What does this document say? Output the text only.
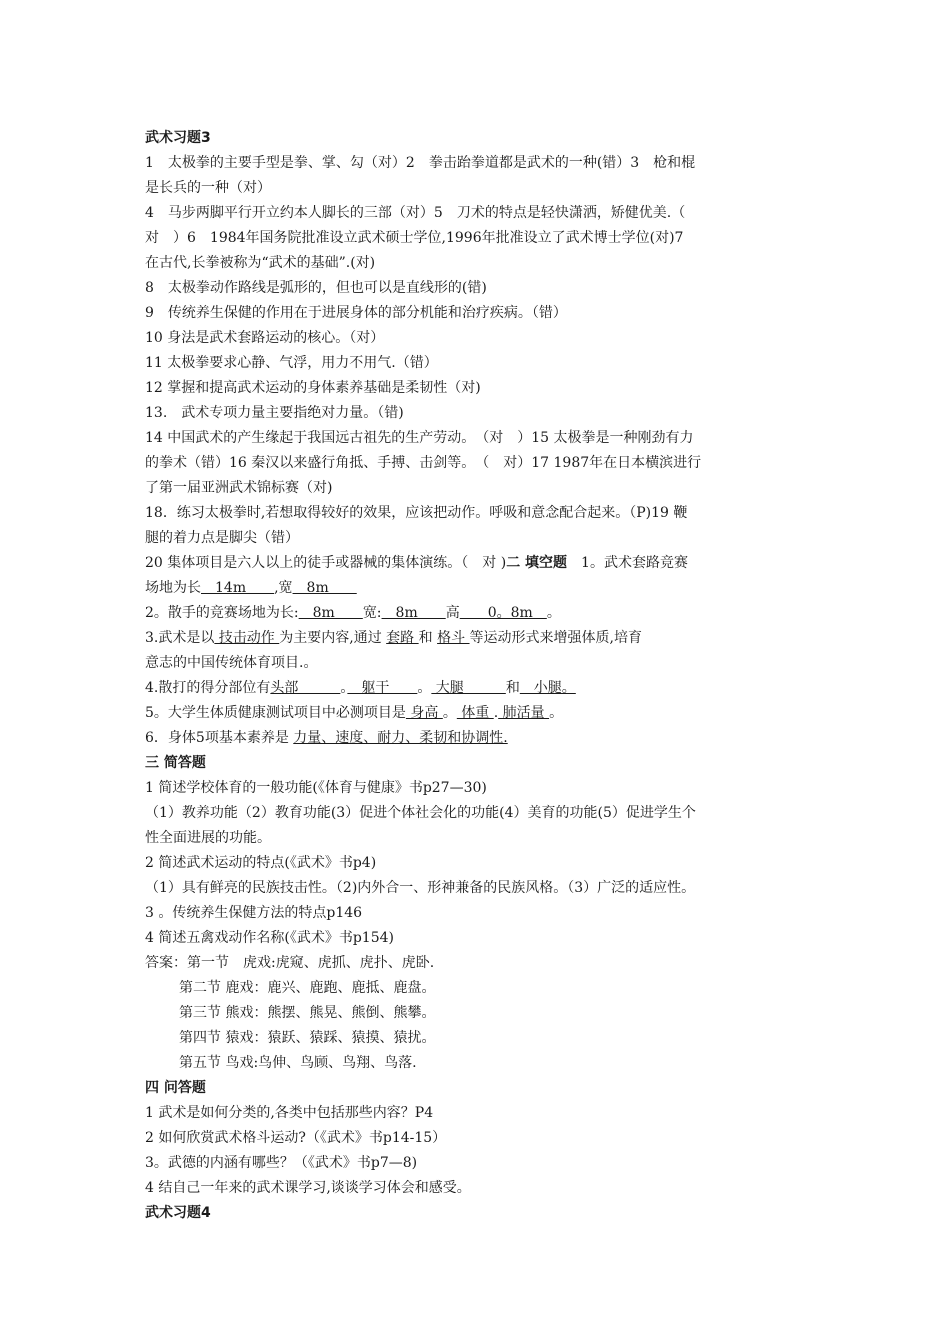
武术习题3
1　太极拳的主要手型是拳、掌、勾（对）2　拳击跆拳道都是武术的一种(错）3　枪和棍
是长兵的一种（对）
4　马步两脚平行开立约本人脚长的三部（对）5　刀术的特点是轻快潇洒，矫健优美.（
对　）6　1984年国务院批准设立武术硕士学位,1996年批准设立了武术博士学位(对)7
在古代,长拳被称为“武术的基础”.(对)
8　太极拳动作路线是弧形的，但也可以是直线形的(错)
9　传统养生保健的作用在于进展身体的部分机能和治疗疾病。（错）
10 身法是武术套路运动的核心。（对）
11 太极拳要求心静、气浮，用力不用气.（错）
12 掌握和提高武术运动的身体素养基础是柔韧性（对)
13.　武术专项力量主要指绝对力量。（错)
14 中国武术的产生缘起于我国远古祖先的生产劳动。　（对　）15 太极拳是一种刚劲有力
的拳术（错）16 秦汉以来盛行角抵、手搏、击剑等。　（　对）17 1987年在日本横滨进行
了第一届亚洲武术锦标赛（对)
18．练习太极拳时,若想取得较好的效果，应该把动作。呼吸和意念配合起来。（P)19 鞭
腿的着力点是脚尖（错）
20 集体项目是六人以上的徒手或器械的集体演练。（　对 )二 填空题　1。武术套路竞赛
场地为长　14m　　,宽　8m　　
2。散手的竞赛场地为长:　8m　　宽:　8m　　高　　0。8m　。
3.武术是以 技击动作 为主要内容,通过 套路 和 格斗 等运动形式来增强体质,培育
意志的中国传统体育项目.。
4.散打的得分部位有头部　　　。　躯干　　。 大腿　　　和　小腿。
5。大学生体质健康测试项目中必测项目是 身高 。 体重 . 肺活量 。
6．身体5项基本素养是 力量、速度、耐力、柔韧和协调性.
三 简答题
1 简述学校体育的一般功能(《体育与健康》书p27—30)
（1）教养功能（2）教育功能(3）促进个体社会化的功能(4）美育的功能(5）促进学生个
性全面进展的功能。
2 简述武术运动的特点(《武术》书p4)
（1）具有鲜亮的民族技击性。（2)内外合一、形神兼备的民族风格。（3）广泛的适应性。
3 。传统养生保健方法的特点p146
4 简述五禽戏动作名称(《武术》书p154)
答案：第一节　虎戏:虎窥、虎抓、虎扑、虎卧.
第二节 鹿戏：鹿兴、鹿跑、鹿抵、鹿盘。
第三节 熊戏：熊摆、熊晃、熊倒、熊攀。
第四节 猿戏：猿跃、猿踩、猿摸、猿扰。
第五节 鸟戏:鸟伸、鸟顾、鸟翔、鸟落.
四 问答题
1 武术是如何分类的,各类中包括那些内容？P4
2 如何欣赏武术格斗运动?（《武术》书p14-15）
3。武德的内涵有哪些？（《武术》书p7—8)
4 结自己一年来的武术课学习,谈谈学习体会和感受。
武术习题4
